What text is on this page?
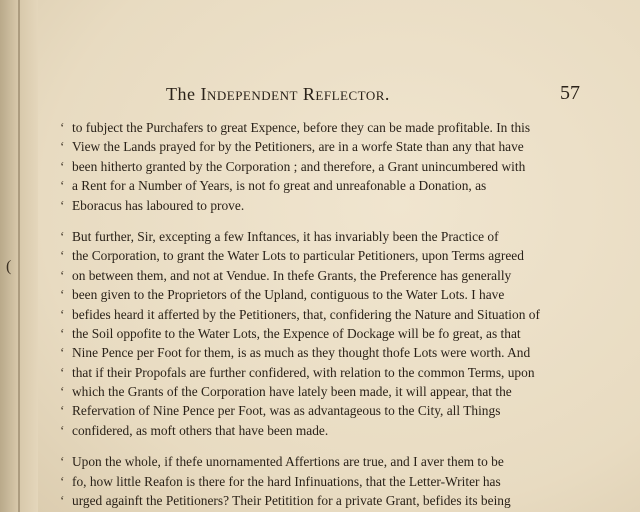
(
The Independent Reflector.	57
‘ to fubject the Purchafers to great Expence, before they can be made profitable. In this
‘ View the Lands prayed for by the Petitioners, are in a worfe State than any that have
‘ been hitherto granted by the Corporation ; and therefore, a Grant unincumbered with
‘ a Rent for a Number of Years, is not fo great and unreafonable a Donation, as
‘ Eboracus has laboured to prove.
‘ But further, Sir, excepting a few Inftances, it has invariably been the Practice of
‘ the Corporation, to grant the Water Lots to particular Petitioners, upon Terms agreed
‘ on between them, and not at Vendue. In thefe Grants, the Preference has generally
‘ been given to the Proprietors of the Upland, contiguous to the Water Lots. I have
‘ befides heard it afferted by the Petitioners, that, confidering the Nature and Situation of
‘ the Soil oppofite to the Water Lots, the Expence of Dockage will be fo great, as that
‘ Nine Pence per Foot for them, is as much as they thought thofe Lots were worth. And
‘ that if their Propofals are further confidered, with relation to the common Terms, upon
‘ which the Grants of the Corporation have lately been made, it will appear, that the
‘ Refervation of Nine Pence per Foot, was as advantageous to the City, all Things
‘ confidered, as moft others that have been made.
‘ Upon the whole, if thefe unornamented Affertions are true, and I aver them to be
‘ fo, how little Reafon is there for the hard Infinuations, that the Letter-Writer has
‘ urged againft the Petitioners? Their Petitition for a private Grant, befides its being
